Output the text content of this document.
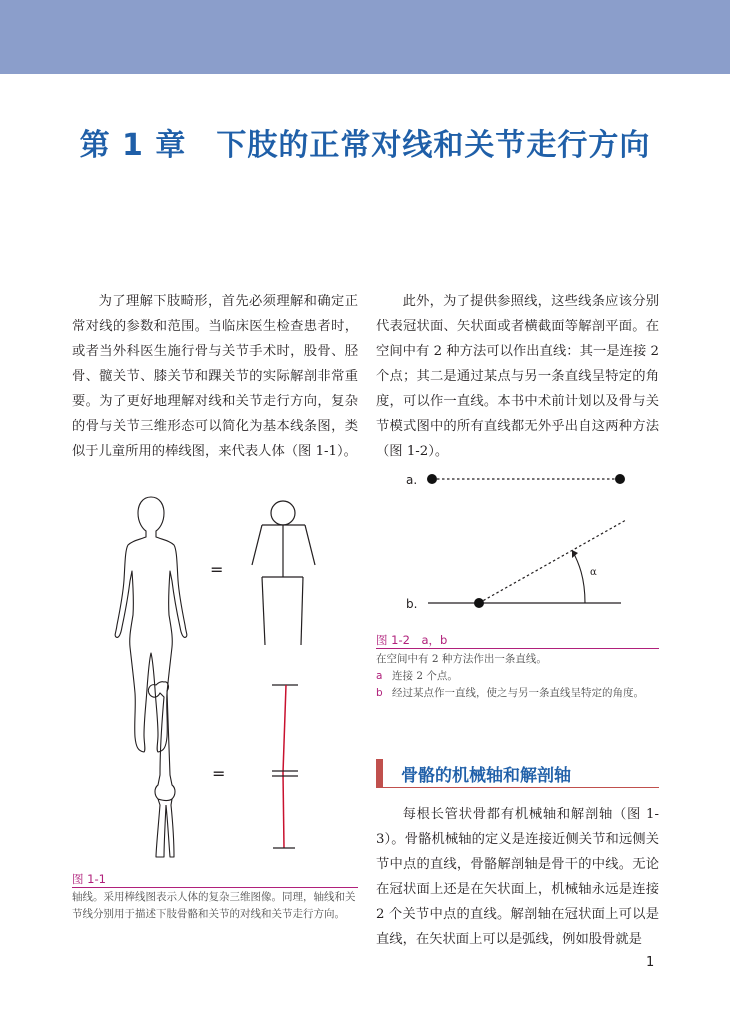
第 1 章 下肢的正常对线和关节走行方向

为了理解下肢畸形，首先必须理解和确定正常对线的参数和范围。当临床医生检查患者时，或者当外科医生施行骨与关节手术时，股骨、胫骨、髋关节、膝关节和踝关节的实际解剖非常重要。为了更好地理解对线和关节走行方向，复杂的骨与关节三维形态可以简化为基本线条图，类似于儿童所用的棒线图，来代表人体（图 1-1）。

此外，为了提供参照线，这些线条应该分别代表冠状面、矢状面或者横截面等解剖平面。在空间中有 2 种方法可以作出直线：其一是连接 2 个点；其二是通过某点与另一条直线呈特定的角度，可以作一直线。本书中术前计划以及骨与关节模式图中的所有直线都无外乎出自这两种方法（图 1-2）。

=
=
图 1-1
轴线。采用棒线图表示人体的复杂三维图像。同理，轴线和关节线分别用于描述下肢骨骼和关节的对线和关节走行方向。
a.
b.
α
图 1-2　a，b
在空间中有 2 种方法作出一条直线。
a 连接 2 个点。
b 经过某点作一直线，使之与另一条直线呈特定的角度。
骨骼的机械轴和解剖轴

每根长管状骨都有机械轴和解剖轴（图 1-3）。骨骼机械轴的定义是连接近侧关节和远侧关节中点的直线，骨骼解剖轴是骨干的中线。无论在冠状面上还是在矢状面上，机械轴永远是连接 2 个关节中点的直线。解剖轴在冠状面上可以是直线，在矢状面上可以是弧线，例如股骨就是

1
